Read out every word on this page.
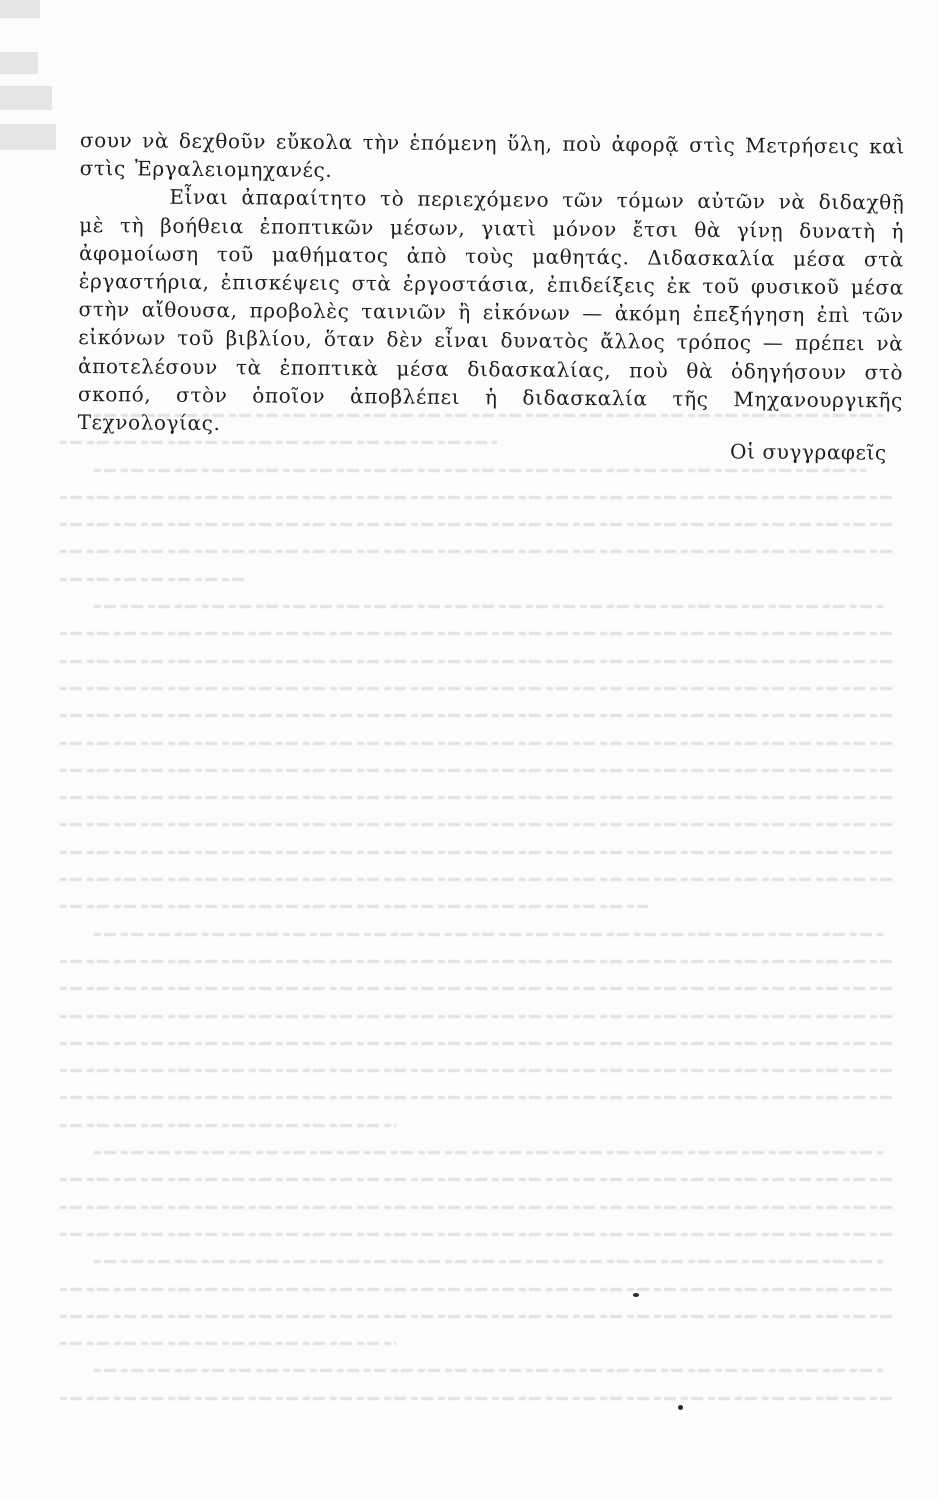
σουν νὰ δεχθοῦν εὔκολα τὴν ἑπόμενη ὕλη, ποὺ ἀφορᾷ στὶς Μετρήσεις καὶ στὶς Ἐργαλειομηχανές.

Εἶναι ἀπαραίτητο τὸ περιεχόμενο τῶν τόμων αὐτῶν νὰ διδαχθῇ μὲ τὴ βοήθεια ἐποπτικῶν μέσων, γιατὶ μόνον ἔτσι θὰ γίνῃ δυνατὴ ἡ ἀφομοίωση τοῦ μαθήματος ἀπὸ τοὺς μαθητάς. Διδασκαλία μέσα στὰ ἐργαστήρια, ἐπισκέψεις στὰ ἐργοστάσια, ἐπιδείξεις ἐκ τοῦ φυσικοῦ μέσα στὴν αἴθουσα, προβολὲς ταινιῶν ἢ εἰκόνων — ἀκόμη ἐπεξήγηση ἐπὶ τῶν εἰκόνων τοῦ βιβλίου, ὅταν δὲν εἶναι δυνατὸς ἄλλος τρόπος — πρέπει νὰ ἀποτελέσουν τὰ ἐποπτικὰ μέσα διδασκαλίας, ποὺ θὰ ὁδηγήσουν στὸ σκοπό, στὸν ὁποῖον ἀποβλέπει ἡ διδασκαλία τῆς Μηχανουργικῆς Τεχνολογίας.

Οἱ συγγραφεῖς
